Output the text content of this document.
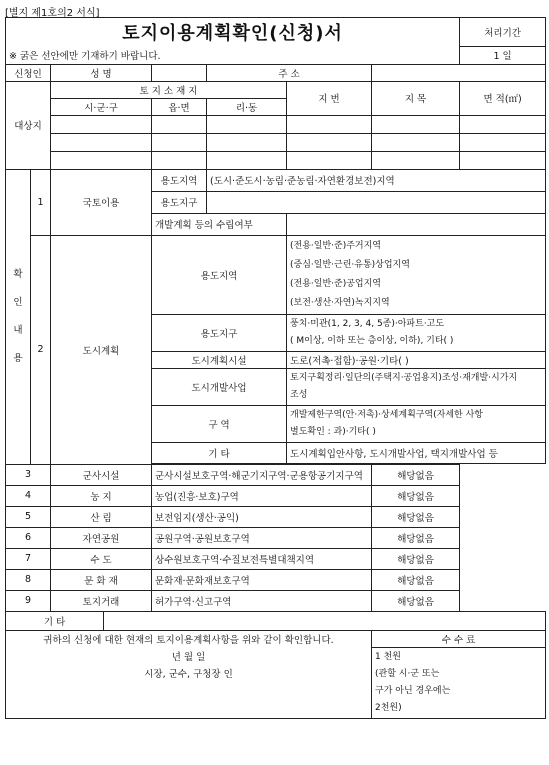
[별지 제1호의2 서식]
토지이용계획확인(신청)서								처리기간
※ 굵은 선안에만 기재하기 바랍니다.								1 일
신청인		성 명			주 소			
대상지		토 지 소 재 지				지 번	지 목	면 적(㎡)
		시·군·구		읍·면	리·동			

확
인
내
용	1	국토이용		용도지역	(도시·준도시·농림·준농림·자연환경보전)지역			
				용도지구				
				개발계획 등의 수립여부				
	2	도시계획		용도지역		(전용·일반·준)주거지역
(중심·일반·근린·유통)상업지역
(전용·일반·준)공업지역
(보전·생산·자연)녹지지역		

				용도지구		풍치·미관(1, 2, 3, 4, 5종)·아파트·고도
( M이상, 이하 또는 층이상, 이하), 기타( )		

				도시계획시설		도로(저촉·접함)·공원·기타( )		
				도시개발사업		토지구획정리·일단의(주택지·공업용지)조성·재개발·시가지
조성		

				구 역		개발제한구역(안·저촉)·상세계획구역(자세한 사항
별도확인 : 과)·기타( )		

				기 타		도시계획입안사항, 도시개발사업, 택지개발사업 등		

3		군사시설		군사시설보호구역·해군기지구역·군용항공기지구역			해당없음	
4		농 지		농업(진흥·보호)구역			해당없음	
5		산 림		보전임지(생산·공익)			해당없음	
6		자연공원		공원구역·공원보호구역			해당없음	
7		수 도		상수원보호구역·수질보전특별대책지역			해당없음	
8		문 화 재		문화재·문화재보호구역			해당없음	
9		토지거래		허가구역·신고구역			해당없음	
기 타								

귀하의 신청에 대한 현재의 토지이용계획사항을 위와 같이 확인합니다.
년 월 일
시장, 군수, 구청장 인							수 수 료	

							1 천원
(관할 시·군 또는
구가 아닌 경우에는
2천원)	
